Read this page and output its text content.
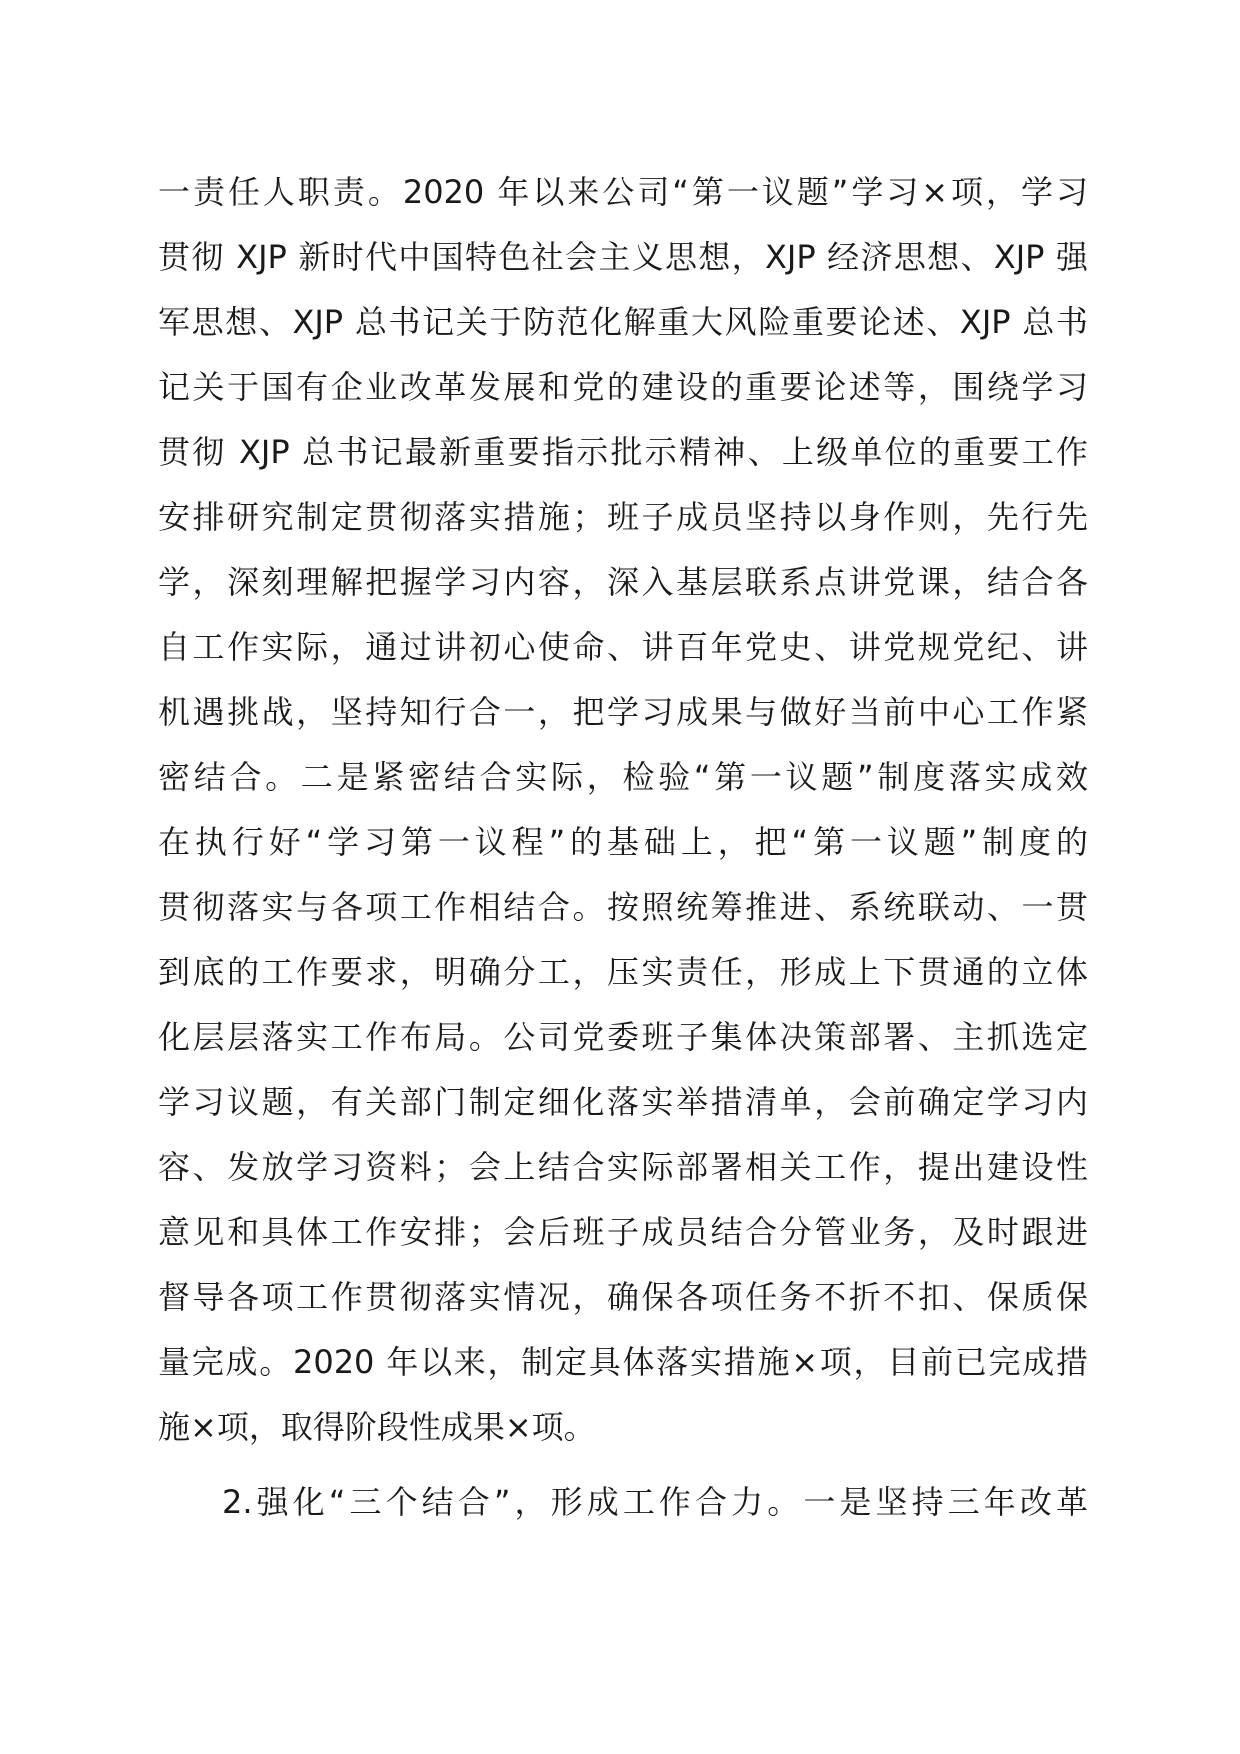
一责任人职责。2020 年以来公司“第一议题”学习×项，学习
贯彻 XJP 新时代中国特色社会主义思想，XJP 经济思想、XJP 强
军思想、XJP 总书记关于防范化解重大风险重要论述、XJP 总书
记关于国有企业改革发展和党的建设的重要论述等，围绕学习
贯彻 XJP 总书记最新重要指示批示精神、上级单位的重要工作
安排研究制定贯彻落实措施；班子成员坚持以身作则，先行先
学，深刻理解把握学习内容，深入基层联系点讲党课，结合各
自工作实际，通过讲初心使命、讲百年党史、讲党规党纪、讲
机遇挑战，坚持知行合一，把学习成果与做好当前中心工作紧
密结合。二是紧密结合实际，检验“第一议题”制度落实成效
在执行好“学习第一议程”的基础上，把“第一议题”制度的
贯彻落实与各项工作相结合。按照统筹推进、系统联动、一贯
到底的工作要求，明确分工，压实责任，形成上下贯通的立体
化层层落实工作布局。公司党委班子集体决策部署、主抓选定
学习议题，有关部门制定细化落实举措清单，会前确定学习内
容、发放学习资料；会上结合实际部署相关工作，提出建设性
意见和具体工作安排；会后班子成员结合分管业务，及时跟进
督导各项工作贯彻落实情况，确保各项任务不折不扣、保质保
量完成。2020 年以来，制定具体落实措施×项，目前已完成措
施×项，取得阶段性成果×项。
2.强化“三个结合”，形成工作合力。一是坚持三年改革
